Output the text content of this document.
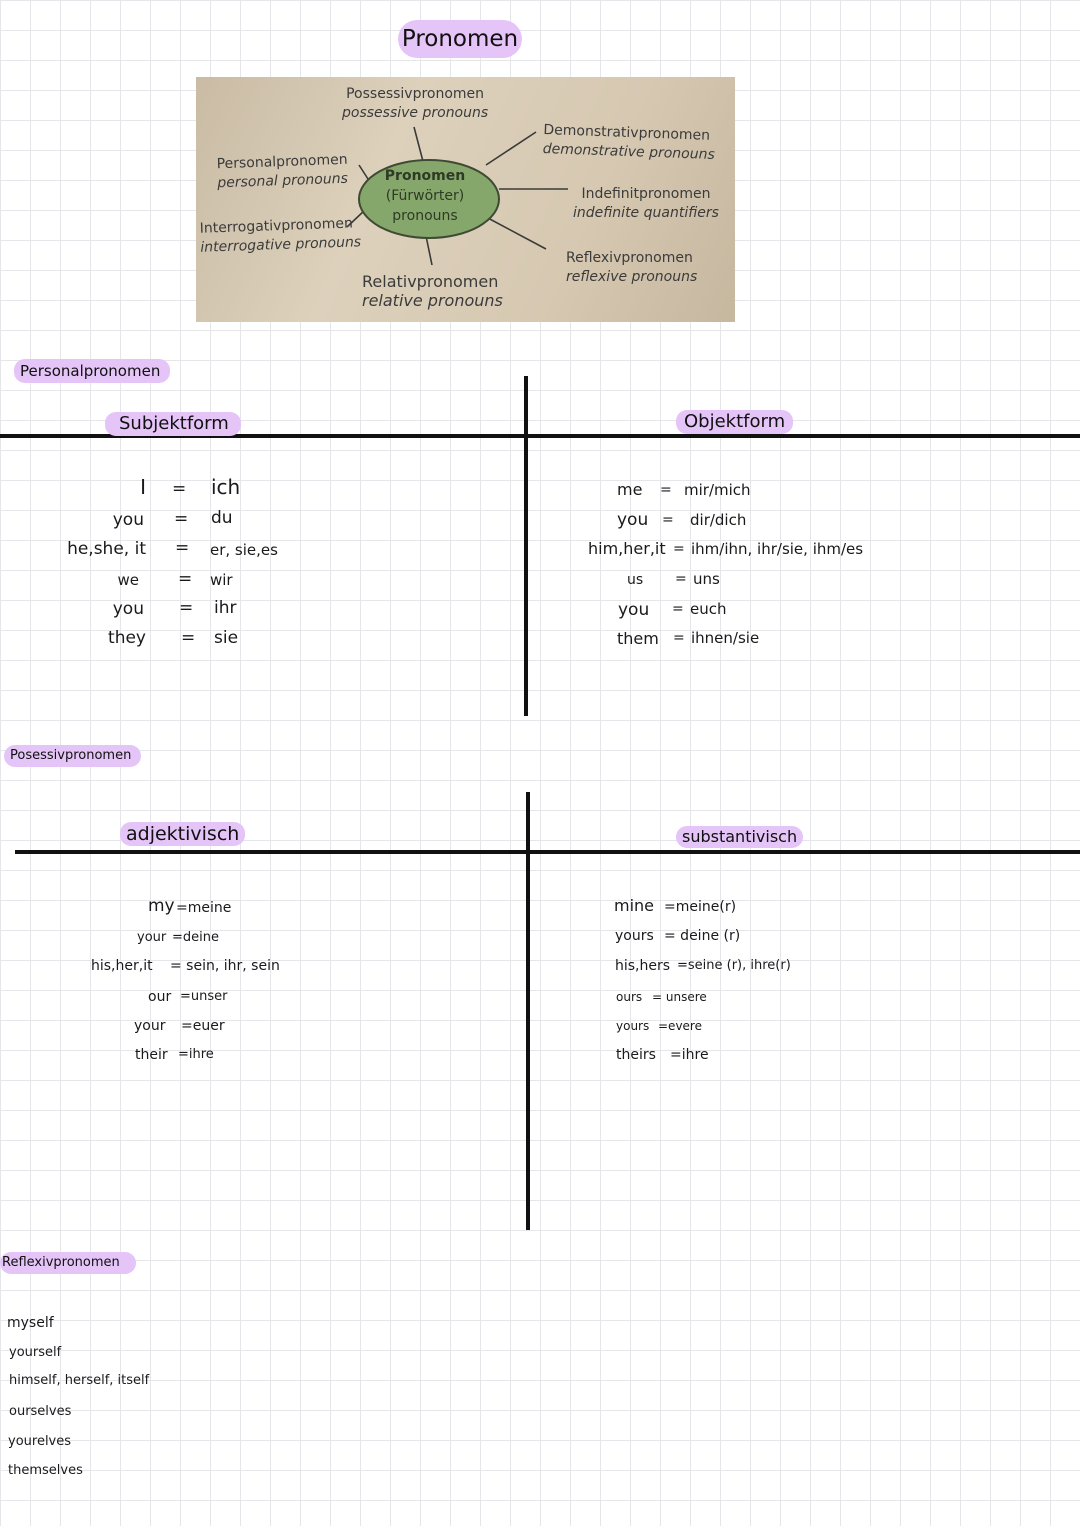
Pronomen
Pronomen
(Fürwörter)
pronouns
Possessivpronomen
possessive pronouns
Demonstrativpronomen
demonstrative pronouns
Personalpronomen
personal pronouns
Indefinitpronomen
indefinite quantifiers
Interrogativpronomen
interrogative pronouns
Reflexivpronomen
reflexive pronouns
Relativpronomen
relative pronouns
Personalpronomen
Subjektform	Objektform
I = ich
you = du
he,she, it = er, sie,es
we = wir
you = ihr
they = sie
me = mir/mich
you = dir/dich
him,her,it = ihm/ihn, ihr/sie, ihm/es
us = uns
you = euch
them = ihnen/sie
Posessivpronomen
adjektivisch	substantivisch
my =meine
your =deine
his,her,it = sein, ihr, sein
our =unser
your =euer
their =ihre
mine =meine(r)
yours = deine (r)
his,hers =seine (r), ihre(r)
ours = unsere
yours =evere
theirs =ihre
Reflexivpronomen
myself
yourself
himself, herself, itself
ourselves
yourelves
themselves
